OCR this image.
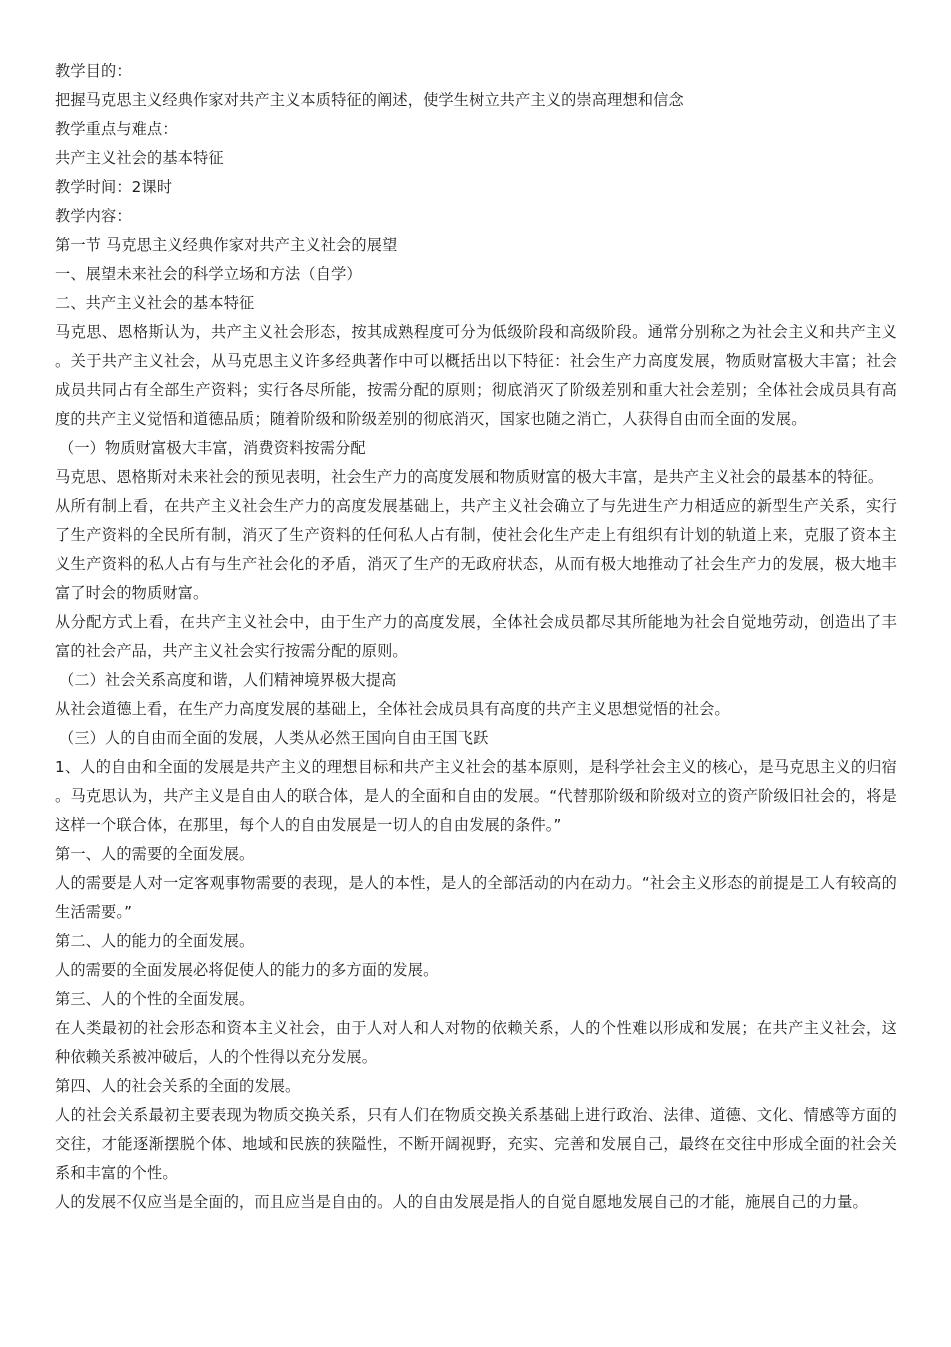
教学目的：

把握马克思主义经典作家对共产主义本质特征的阐述，使学生树立共产主义的崇高理想和信念

教学重点与难点：

共产主义社会的基本特征

教学时间：2课时

教学内容：

第一节 马克思主义经典作家对共产主义社会的展望

一、展望未来社会的科学立场和方法（自学）

二、共产主义社会的基本特征

马克思、恩格斯认为，共产主义社会形态，按其成熟程度可分为低级阶段和高级阶段。通常分别称之为社会主义和共产主义。关于共产主义社会，从马克思主义许多经典著作中可以概括出以下特征：社会生产力高度发展，物质财富极大丰富；社会成员共同占有全部生产资料；实行各尽所能，按需分配的原则；彻底消灭了阶级差别和重大社会差别；全体社会成员具有高度的共产主义觉悟和道德品质；随着阶级和阶级差别的彻底消灭，国家也随之消亡，人获得自由而全面的发展。

（一）物质财富极大丰富，消费资料按需分配

马克思、恩格斯对未来社会的预见表明，社会生产力的高度发展和物质财富的极大丰富，是共产主义社会的最基本的特征。

从所有制上看，在共产主义社会生产力的高度发展基础上，共产主义社会确立了与先进生产力相适应的新型生产关系，实行了生产资料的全民所有制，消灭了生产资料的任何私人占有制，使社会化生产走上有组织有计划的轨道上来，克服了资本主义生产资料的私人占有与生产社会化的矛盾，消灭了生产的无政府状态，从而有极大地推动了社会生产力的发展，极大地丰富了时会的物质财富。

从分配方式上看，在共产主义社会中，由于生产力的高度发展，全体社会成员都尽其所能地为社会自觉地劳动，创造出了丰富的社会产品，共产主义社会实行按需分配的原则。

（二）社会关系高度和谐，人们精神境界极大提高

从社会道德上看，在生产力高度发展的基础上，全体社会成员具有高度的共产主义思想觉悟的社会。

（三）人的自由而全面的发展，人类从必然王国向自由王国飞跃

1、人的自由和全面的发展是共产主义的理想目标和共产主义社会的基本原则，是科学社会主义的核心，是马克思主义的归宿。马克思认为，共产主义是自由人的联合体，是人的全面和自由的发展。“代替那阶级和阶级对立的资产阶级旧社会的，将是这样一个联合体，在那里，每个人的自由发展是一切人的自由发展的条件。”

第一、人的需要的全面发展。

人的需要是人对一定客观事物需要的表现，是人的本性，是人的全部活动的内在动力。“社会主义形态的前提是工人有较高的生活需要。”

第二、人的能力的全面发展。

人的需要的全面发展必将促使人的能力的多方面的发展。

第三、人的个性的全面发展。

在人类最初的社会形态和资本主义社会，由于人对人和人对物的依赖关系，人的个性难以形成和发展；在共产主义社会，这种依赖关系被冲破后，人的个性得以充分发展。

第四、人的社会关系的全面的发展。

人的社会关系最初主要表现为物质交换关系，只有人们在物质交换关系基础上进行政治、法律、道德、文化、情感等方面的交往，才能逐渐摆脱个体、地域和民族的狭隘性，不断开阔视野，充实、完善和发展自己，最终在交往中形成全面的社会关系和丰富的个性。

人的发展不仅应当是全面的，而且应当是自由的。人的自由发展是指人的自觉自愿地发展自己的才能，施展自己的力量。
